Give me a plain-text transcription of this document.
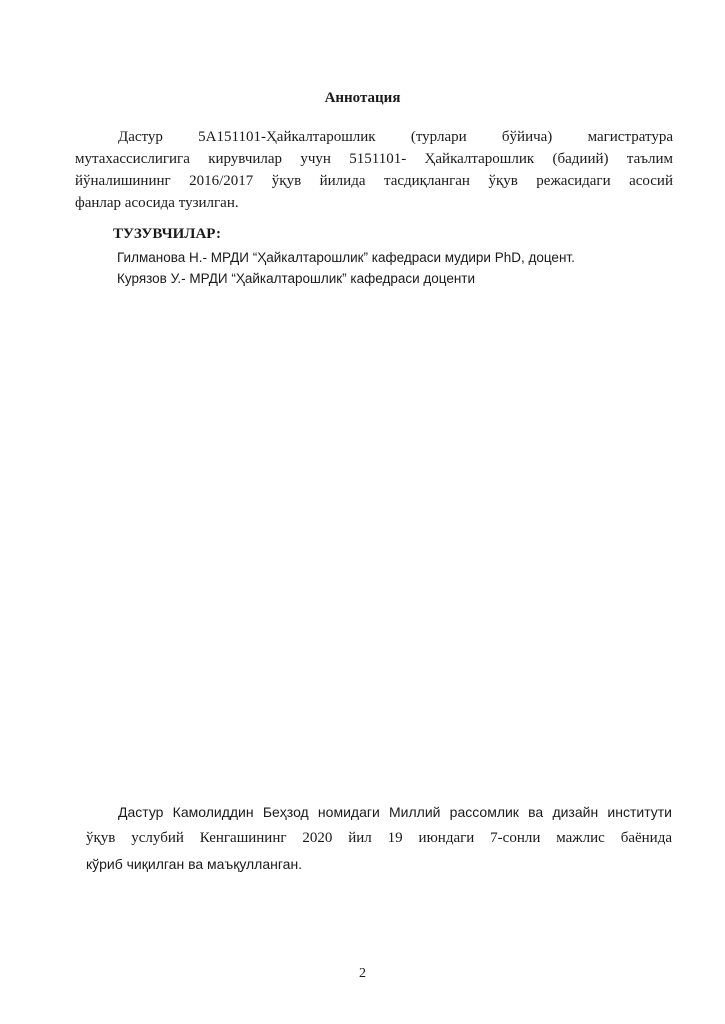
Аннотация
Дастур 5А151101-Ҳайкалтарошлик (турлари бўйича) магистратура
мутахассислигига кирувчилар учун 5151101- Ҳайкалтарошлик (бадиий) таълим
йўналишининг 2016/2017 ўқув йилида тасдиқланган ўқув режасидаги асосий
фанлар асосида тузилган.
ТУЗУВЧИЛАР:
Гилманова Н.- МРДИ “Ҳайкалтарошлик” кафедраси мудири PhD, доцент.
Курязов У.- МРДИ “Ҳайкалтарошлик” кафедраси доценти
Дастур Камолиддин Беҳзод номидаги Миллий рассомлик ва дизайн институти
ўқув услубий Кенгашининг 2020 йил 19 июндаги 7-сонли мажлис баёнида
кўриб чиқилган ва маъқулланган.
2
